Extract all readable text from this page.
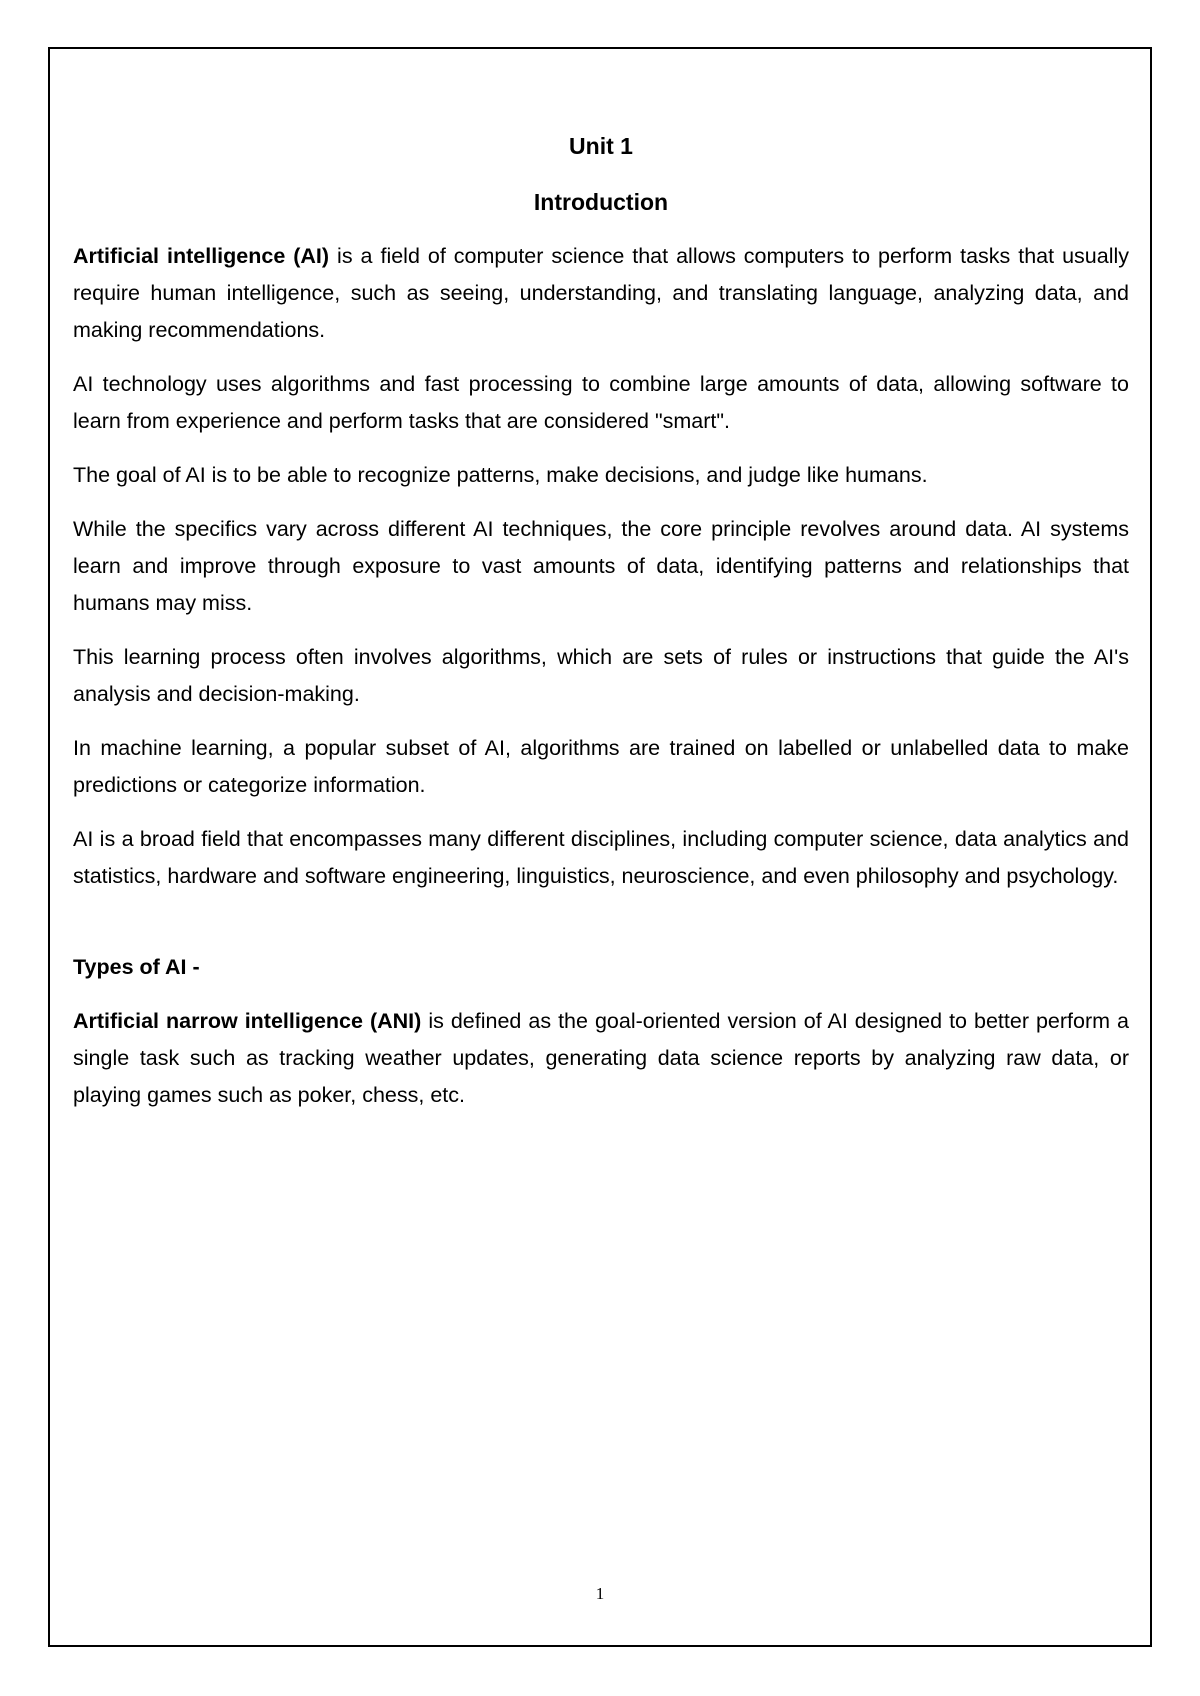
Unit 1
Introduction

Artificial intelligence (AI) is a field of computer science that allows computers to perform tasks that usually require human intelligence, such as seeing, understanding, and translating language, analyzing data, and making recommendations.

AI technology uses algorithms and fast processing to combine large amounts of data, allowing software to learn from experience and perform tasks that are considered "smart".

The goal of AI is to be able to recognize patterns, make decisions, and judge like humans.

While the specifics vary across different AI techniques, the core principle revolves around data. AI systems learn and improve through exposure to vast amounts of data, identifying patterns and relationships that humans may miss.

This learning process often involves algorithms, which are sets of rules or instructions that guide the AI's analysis and decision-making.

In machine learning, a popular subset of AI, algorithms are trained on labelled or unlabelled data to make predictions or categorize information.

AI is a broad field that encompasses many different disciplines, including computer science, data analytics and statistics, hardware and software engineering, linguistics, neuroscience, and even philosophy and psychology.

Types of AI -

Artificial narrow intelligence (ANI) is defined as the goal-oriented version of AI designed to better perform a single task such as tracking weather updates, generating data science reports by analyzing raw data, or playing games such as poker, chess, etc.

1
